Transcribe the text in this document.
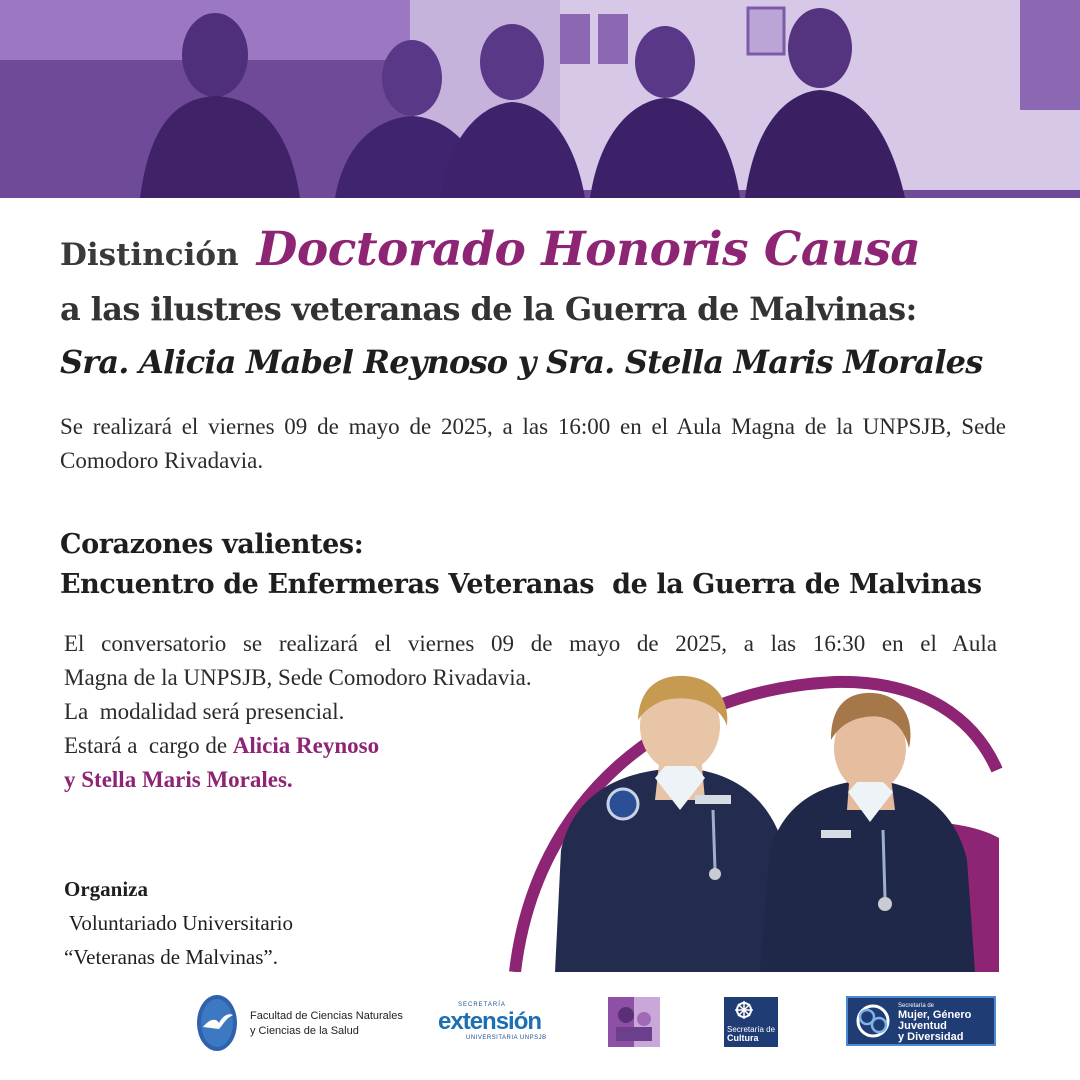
Distinción Doctorado Honoris Causa
a las ilustres veteranas de la Guerra de Malvinas:
Sra. Alicia Mabel Reynoso y Sra. Stella Maris Morales
Se realizará el viernes 09 de mayo de 2025, a las 16:00 en el Aula Magna de la UNPSJB, Sede Comodoro Rivadavia.
Corazones valientes:
Encuentro de Enfermeras Veteranas  de la Guerra de Malvinas
El conversatorio se realizará el viernes 09 de mayo de 2025, a las 16:30 en el Aula
Magna de la UNPSJB, Sede Comodoro Rivadavia.
La  modalidad será presencial.
Estará a  cargo de Alicia Reynoso
y Stella Maris Morales.
Organiza
Voluntariado Universitario
“Veteranas de Malvinas”.
Facultad de Ciencias Naturales
y Ciencias de la Salud
SECRETARÍA
extensión
UNIVERSITARIA UNPSJB
Secretaría de
Cultura
Secretaría de
Mujer, Género
Juventud
y Diversidad
